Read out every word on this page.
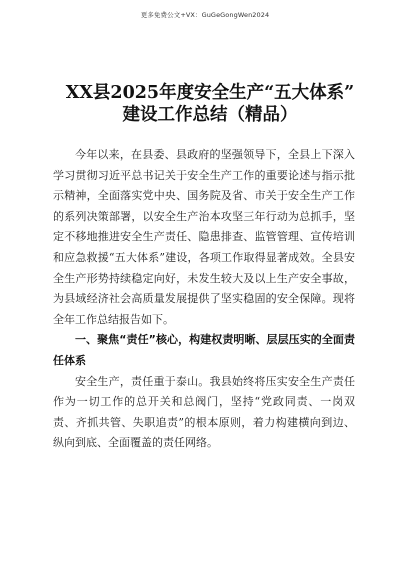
更多免费公文+VX：GuGeGongWen2024
XX县2025年度安全生产“五大体系”
建设工作总结（精品）

今年以来，在县委、县政府的坚强领导下，全县上下深入学习贯彻习近平总书记关于安全生产工作的重要论述与指示批示精神，全面落实党中央、国务院及省、市关于安全生产工作的系列决策部署，以安全生产治本攻坚三年行动为总抓手，坚定不移地推进安全生产责任、隐患排查、监管管理、宣传培训和应急救援“五大体系”建设，各项工作取得显著成效。全县安全生产形势持续稳定向好，未发生较大及以上生产安全事故，为县域经济社会高质量发展提供了坚实稳固的安全保障。现将全年工作总结报告如下。

一、聚焦“责任”核心，构建权责明晰、层层压实的全面责任体系

安全生产，责任重于泰山。我县始终将压实安全生产责任作为一切工作的总开关和总阀门，坚持“党政同责、一岗双责、齐抓共管、失职追责”的根本原则，着力构建横向到边、纵向到底、全面覆盖的责任网络。
